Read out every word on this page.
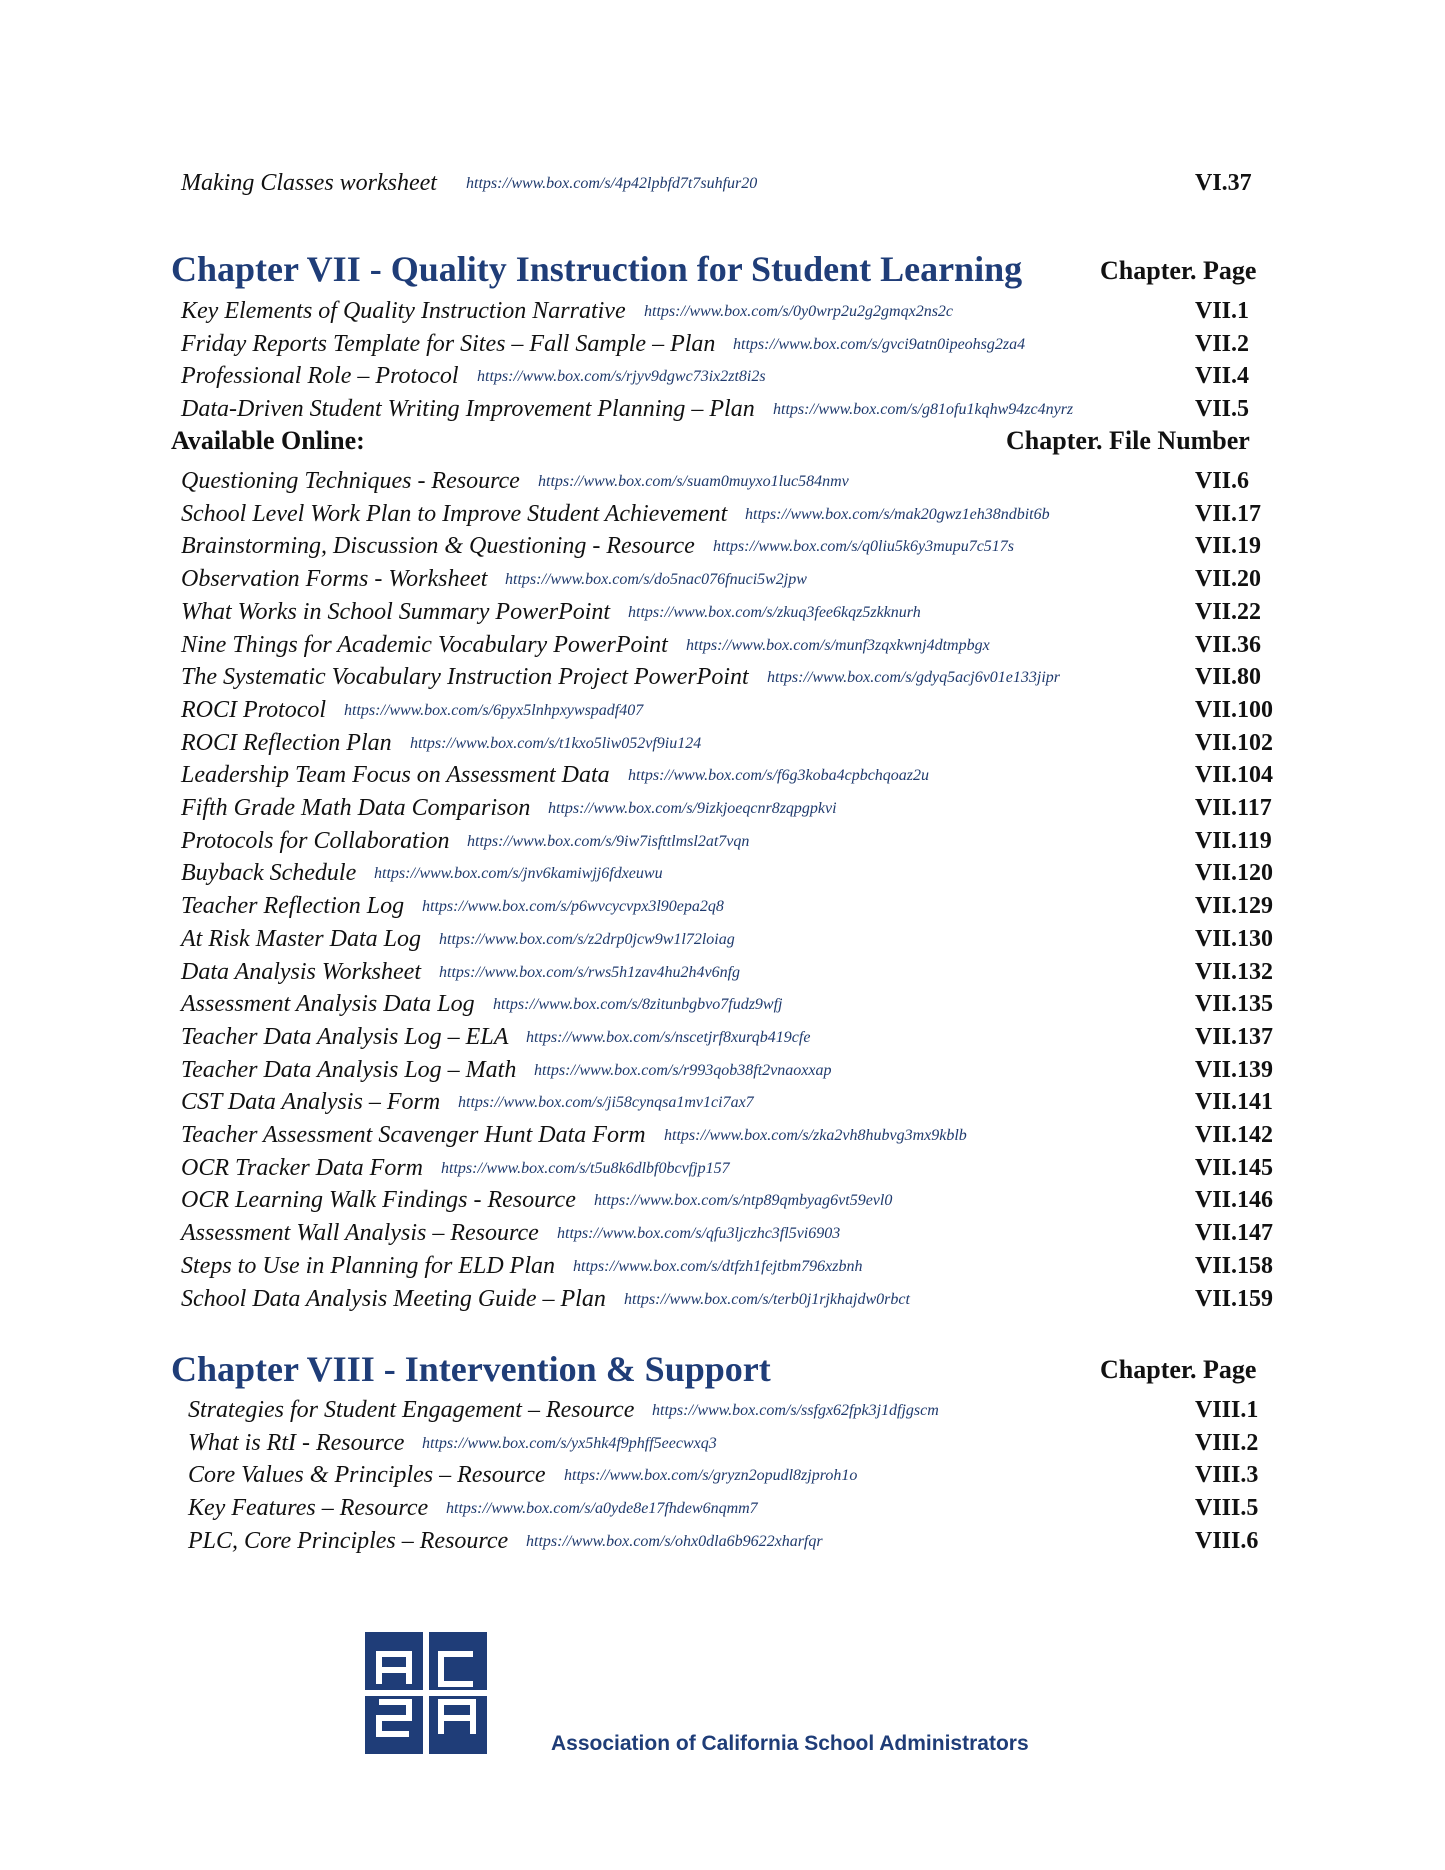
Making Classes worksheet https://www.box.com/s/4p42lpbfd7t7suhfur20	VI.37
Chapter VII - Quality Instruction for Student Learning	Chapter. Page
Key Elements of Quality Instruction Narrative https://www.box.com/s/0y0wrp2u2g2gmqx2ns2c	VII.1
Friday Reports Template for Sites – Fall Sample – Plan https://www.box.com/s/gvci9atn0ipeohsg2za4	VII.2
Professional Role – Protocol https://www.box.com/s/rjyv9dgwc73ix2zt8i2s	VII.4
Data-Driven Student Writing Improvement Planning – Plan https://www.box.com/s/g81ofu1kqhw94zc4nyrz	VII.5
Available Online:	Chapter. File Number
Questioning Techniques - Resource https://www.box.com/s/suam0muyxo1luc584nmv	VII.6
School Level Work Plan to Improve Student Achievement https://www.box.com/s/mak20gwz1eh38ndbit6b	VII.17
Brainstorming, Discussion & Questioning - Resource https://www.box.com/s/q0liu5k6y3mupu7c517s	VII.19
Observation Forms - Worksheet https://www.box.com/s/do5nac076fnuci5w2jpw	VII.20
What Works in School Summary PowerPoint https://www.box.com/s/zkuq3fee6kqz5zkknurh	VII.22
Nine Things for Academic Vocabulary PowerPoint https://www.box.com/s/munf3zqxkwnj4dtmpbgx	VII.36
The Systematic Vocabulary Instruction Project PowerPoint https://www.box.com/s/gdyq5acj6v01e133jipr	VII.80
ROCI Protocol https://www.box.com/s/6pyx5lnhpxywspadf407	VII.100
ROCI Reflection Plan https://www.box.com/s/t1kxo5liw052vf9iu124	VII.102
Leadership Team Focus on Assessment Data https://www.box.com/s/f6g3koba4cpbchqoaz2u	VII.104
Fifth Grade Math Data Comparison https://www.box.com/s/9izkjoeqcnr8zqpgpkvi	VII.117
Protocols for Collaboration https://www.box.com/s/9iw7isfttlmsl2at7vqn	VII.119
Buyback Schedule https://www.box.com/s/jnv6kamiwjj6fdxeuwu	VII.120
Teacher Reflection Log https://www.box.com/s/p6wvcycvpx3l90epa2q8	VII.129
At Risk Master Data Log https://www.box.com/s/z2drp0jcw9w1l72loiag	VII.130
Data Analysis Worksheet https://www.box.com/s/rws5h1zav4hu2h4v6nfg	VII.132
Assessment Analysis Data Log https://www.box.com/s/8zitunbgbvo7fudz9wfj	VII.135
Teacher Data Analysis Log – ELA https://www.box.com/s/nscetjrf8xurqb419cfe	VII.137
Teacher Data Analysis Log – Math https://www.box.com/s/r993qob38ft2vnaoxxap	VII.139
CST Data Analysis – Form https://www.box.com/s/ji58cynqsa1mv1ci7ax7	VII.141
Teacher Assessment Scavenger Hunt Data Form https://www.box.com/s/zka2vh8hubvg3mx9kblb	VII.142
OCR Tracker Data Form https://www.box.com/s/t5u8k6dlbf0bcvfjp157	VII.145
OCR Learning Walk Findings - Resource https://www.box.com/s/ntp89qmbyag6vt59evl0	VII.146
Assessment Wall Analysis – Resource https://www.box.com/s/qfu3ljczhc3fl5vi6903	VII.147
Steps to Use in Planning for ELD Plan https://www.box.com/s/dtfzh1fejtbm796xzbnh	VII.158
School Data Analysis Meeting Guide – Plan https://www.box.com/s/terb0j1rjkhajdw0rbct	VII.159
Chapter VIII - Intervention & Support	Chapter. Page
Strategies for Student Engagement – Resource https://www.box.com/s/ssfgx62fpk3j1dfjgscm	VIII.1
What is RtI - Resource https://www.box.com/s/yx5hk4f9phff5eecwxq3	VIII.2
Core Values & Principles – Resource https://www.box.com/s/gryzn2opudl8zjproh1o	VIII.3
Key Features – Resource https://www.box.com/s/a0yde8e17fhdew6nqmm7	VIII.5
PLC, Core Principles – Resource https://www.box.com/s/ohx0dla6b9622xharfqr	VIII.6
Association of California School Administrators
